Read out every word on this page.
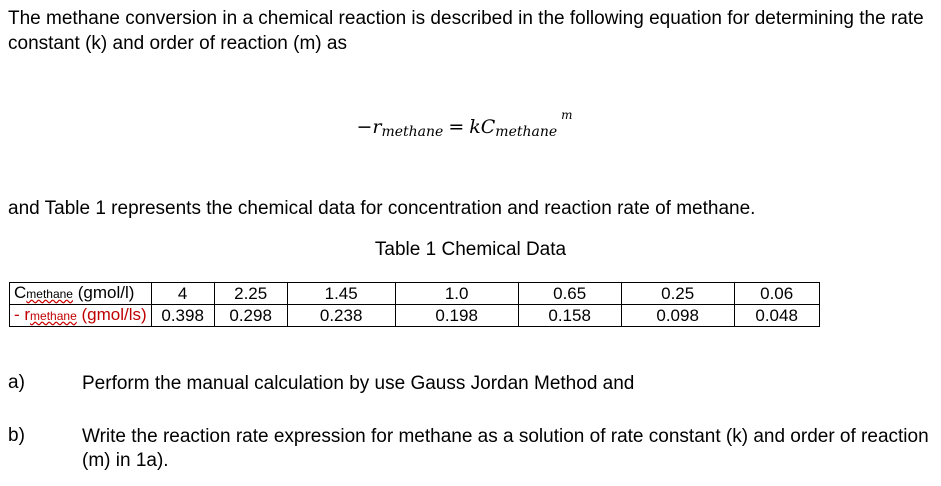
The methane conversion in a chemical reaction is described in the following equation for determining the rate constant (k) and order of reaction (m) as

$-r_{methane} = kC_{methane}^m$

and Table 1 represents the chemical data for concentration and reaction rate of methane.

Table 1 Chemical Data
Cmethane (gmol/l)	4	2.25	1.45	1.0	0.65	0.25	0.06
- rmethane (gmol/ls)	0.398	0.298	0.238	0.198	0.158	0.098	0.048
a)	Perform the manual calculation by use Gauss Jordan Method and
b)	Write the reaction rate expression for methane as a solution of rate constant (k) and order of reaction (m) in 1a).
